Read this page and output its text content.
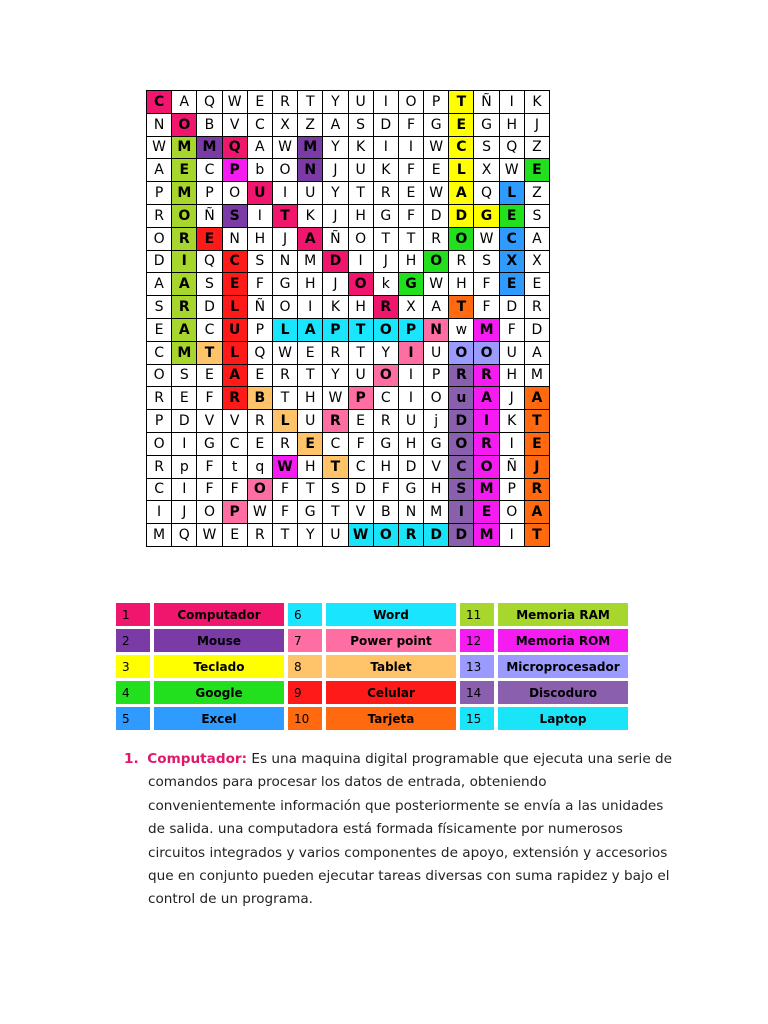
C	A	Q	W	E	R	T	Y	U	I	O	P	T	Ñ	I	K
N	O	B	V	C	X	Z	A	S	D	F	G	E	G	H	J
W	M	M	Q	A	W	M	Y	K	I	I	W	C	S	Q	Z
A	E	C	P	b	O	N	J	U	K	F	E	L	X	W	E
P	M	P	O	U	I	U	Y	T	R	E	W	A	Q	L	Z
R	O	Ñ	S	I	T	K	J	H	G	F	D	D	G	E	S
O	R	E	N	H	J	A	Ñ	O	T	T	R	O	W	C	A
D	I	Q	C	S	N	M	D	I	J	H	O	R	S	X	X
A	A	S	E	F	G	H	J	O	k	G	W	H	F	E	E
S	R	D	L	Ñ	O	I	K	H	R	X	A	T	F	D	R
E	A	C	U	P	L	A	P	T	O	P	N	w	M	F	D
C	M	T	L	Q	W	E	R	T	Y	I	U	O	O	U	A
O	S	E	A	E	R	T	Y	U	O	I	P	R	R	H	M
R	E	F	R	B	T	H	W	P	C	I	O	u	A	J	A
P	D	V	V	R	L	U	R	E	R	U	j	D	I	K	T
O	I	G	C	E	R	E	C	F	G	H	G	O	R	I	E
R	p	F	t	q	W	H	T	C	H	D	V	C	O	Ñ	J
C	I	F	F	O	F	T	S	D	F	G	H	S	M	P	R
I	J	O	P	W	F	G	T	V	B	N	M	I	E	O	A
M	Q	W	E	R	T	Y	U	W	O	R	D	D	M	I	T
1	Computador	6	Word	11	Memoria RAM
2	Mouse	7	Power point	12	Memoria ROM
3	Teclado	8	Tablet	13	Microprocesador
4	Google	9	Celular	14	Discoduro
5	Excel	10	Tarjeta	15	Laptop

1. Computador: Es una maquina digital programable que ejecuta una serie de comandos para procesar los datos de entrada, obteniendo convenientemente información que posteriormente se envía a las unidades de salida. una computadora está formada físicamente por numerosos circuitos integrados y varios componentes de apoyo, extensión y accesorios que en conjunto pueden ejecutar tareas diversas con suma rapidez y bajo el control de un programa.
